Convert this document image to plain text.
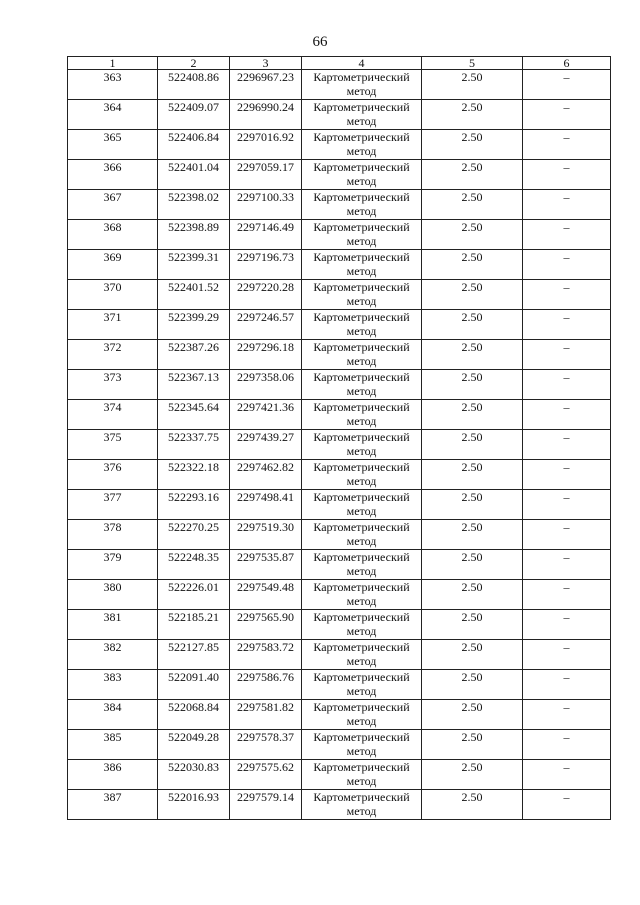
66
1	2	3	4	5	6
363	522408.86	2296967.23	Картометрический метод	2.50	–
364	522409.07	2296990.24	Картометрический метод	2.50	–
365	522406.84	2297016.92	Картометрический метод	2.50	–
366	522401.04	2297059.17	Картометрический метод	2.50	–
367	522398.02	2297100.33	Картометрический метод	2.50	–
368	522398.89	2297146.49	Картометрический метод	2.50	–
369	522399.31	2297196.73	Картометрический метод	2.50	–
370	522401.52	2297220.28	Картометрический метод	2.50	–
371	522399.29	2297246.57	Картометрический метод	2.50	–
372	522387.26	2297296.18	Картометрический метод	2.50	–
373	522367.13	2297358.06	Картометрический метод	2.50	–
374	522345.64	2297421.36	Картометрический метод	2.50	–
375	522337.75	2297439.27	Картометрический метод	2.50	–
376	522322.18	2297462.82	Картометрический метод	2.50	–
377	522293.16	2297498.41	Картометрический метод	2.50	–
378	522270.25	2297519.30	Картометрический метод	2.50	–
379	522248.35	2297535.87	Картометрический метод	2.50	–
380	522226.01	2297549.48	Картометрический метод	2.50	–
381	522185.21	2297565.90	Картометрический метод	2.50	–
382	522127.85	2297583.72	Картометрический метод	2.50	–
383	522091.40	2297586.76	Картометрический метод	2.50	–
384	522068.84	2297581.82	Картометрический метод	2.50	–
385	522049.28	2297578.37	Картометрический метод	2.50	–
386	522030.83	2297575.62	Картометрический метод	2.50	–
387	522016.93	2297579.14	Картометрический метод	2.50	–
